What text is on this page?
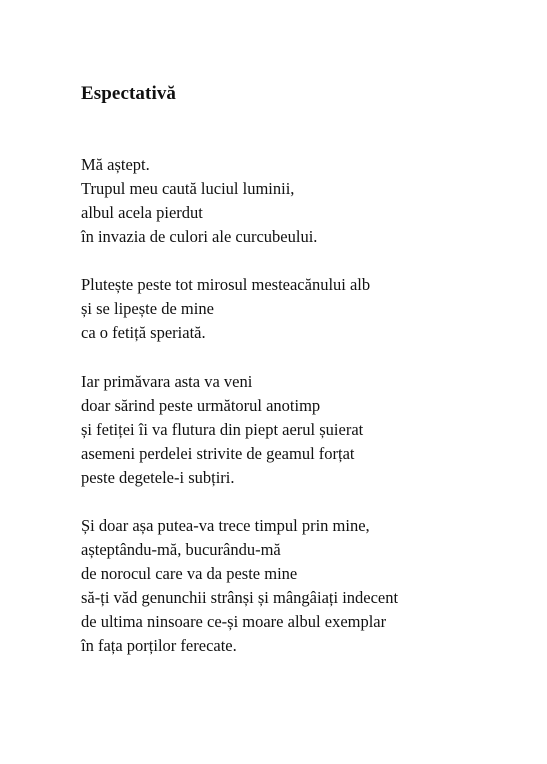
Espectativă
Mă aștept.
Trupul meu caută luciul luminii,
albul acela pierdut
în invazia de culori ale curcubeului.
Plutește peste tot mirosul mesteacănului alb
și se lipește de mine
ca o fetiță speriată.
Iar primăvara asta va veni
doar sărind peste următorul anotimp
și fetiței îi va flutura din piept aerul șuierat
asemeni perdelei strivite de geamul forțat
peste degetele-i subțiri.
Și doar așa putea-va trece timpul prin mine,
așteptându-mă, bucurându-mă
de norocul care va da peste mine
să-ți văd genunchii strânși și mângâiați indecent
de ultima ninsoare ce-și moare albul exemplar
în fața porților ferecate.
